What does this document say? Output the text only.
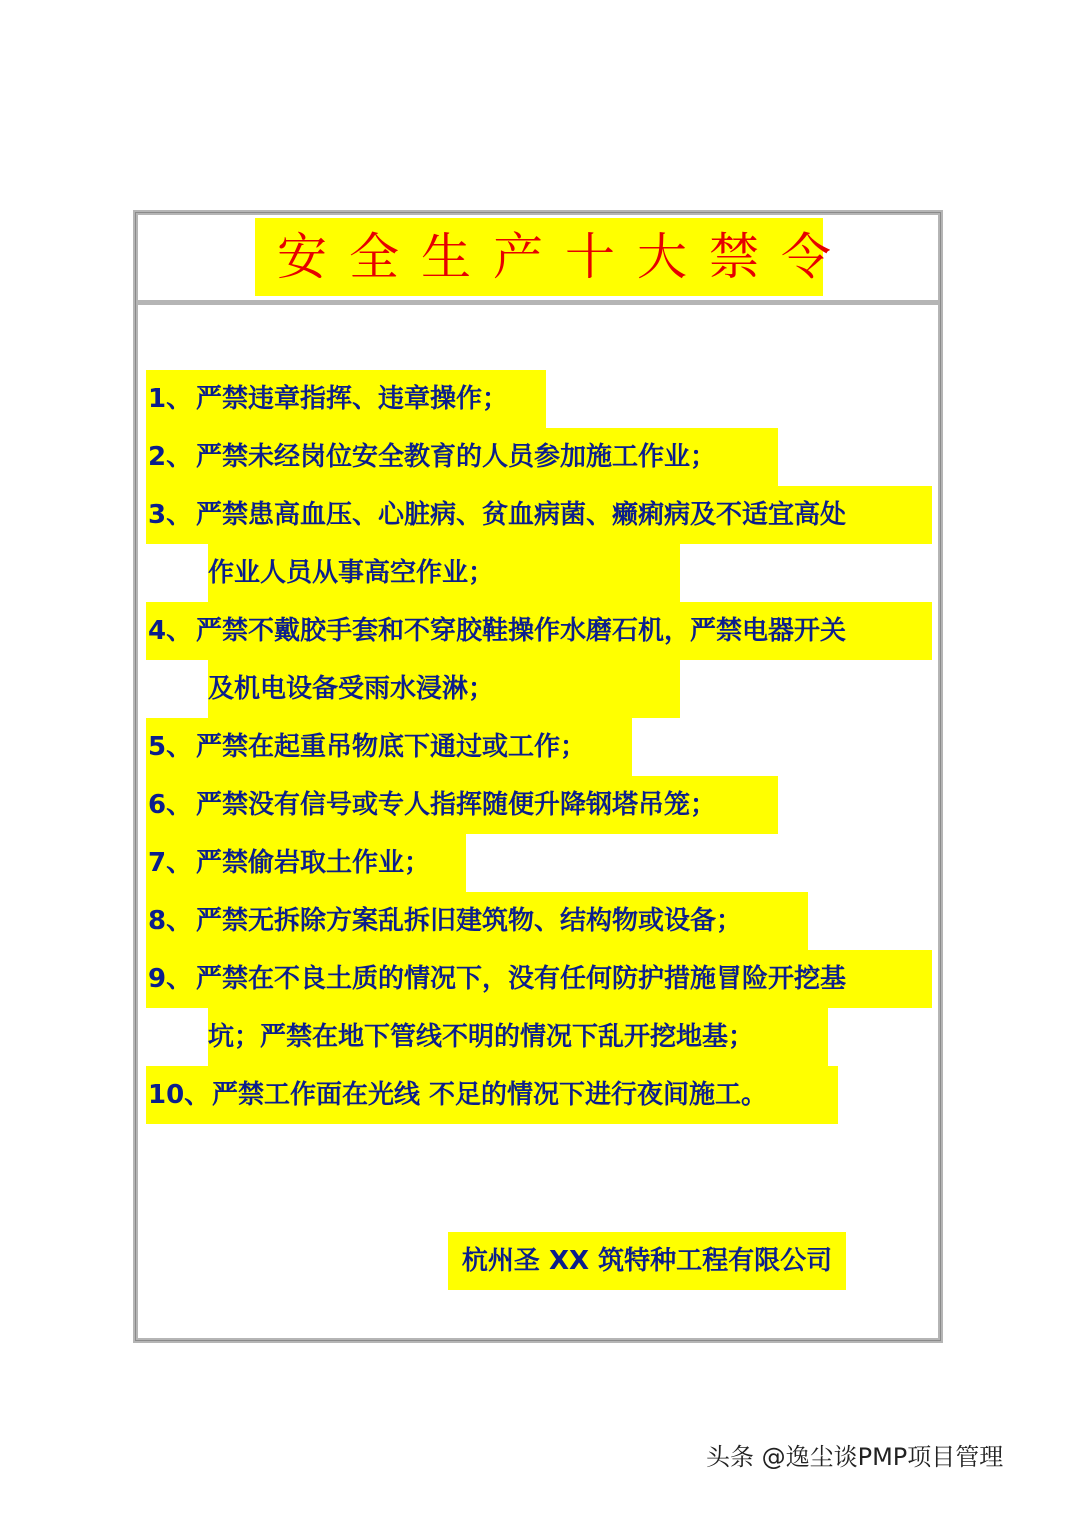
安全生产十大禁令
1、 严禁违章指挥、违章操作；
2、 严禁未经岗位安全教育的人员参加施工作业；
3、 严禁患高血压、心脏病、贫血病菌、癞痢病及不适宜高处
作业人员从事高空作业；
4、 严禁不戴胶手套和不穿胶鞋操作水磨石机，严禁电器开关
及机电设备受雨水浸淋；
5、 严禁在起重吊物底下通过或工作；
6、 严禁没有信号或专人指挥随便升降钢塔吊笼；
7、 严禁偷岩取土作业；
8、 严禁无拆除方案乱拆旧建筑物、结构物或设备；
9、 严禁在不良土质的情况下，没有任何防护措施冒险开挖基
坑；严禁在地下管线不明的情况下乱开挖地基；
10、严禁工作面在光线 不足的情况下进行夜间施工。
杭州圣 XX 筑特种工程有限公司
头条 @逸尘谈PMP项目管理
